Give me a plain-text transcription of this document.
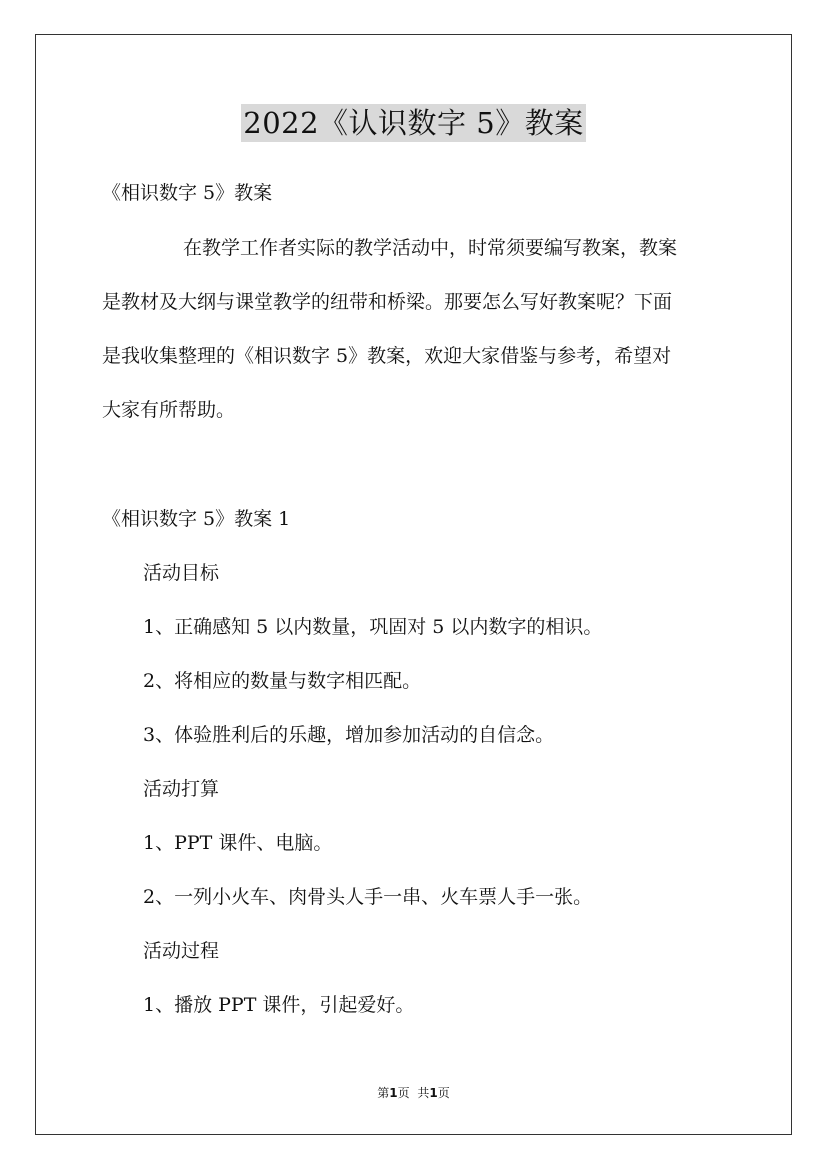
2022《认识数字 5》教案
《相识数字 5》教案
在教学工作者实际的教学活动中，时常须要编写教案，教案
是教材及大纲与课堂教学的纽带和桥梁。那要怎么写好教案呢？下面
是我收集整理的《相识数字 5》教案，欢迎大家借鉴与参考，希望对
大家有所帮助。
《相识数字 5》教案 1
活动目标
1、正确感知 5 以内数量，巩固对 5 以内数字的相识。
2、将相应的数量与数字相匹配。
3、体验胜利后的乐趣，增加参加活动的自信念。
活动打算
1、PPT 课件、电脑。
2、一列小火车、肉骨头人手一串、火车票人手一张。
活动过程
1、播放 PPT 课件，引起爱好。
第1页 共1页
